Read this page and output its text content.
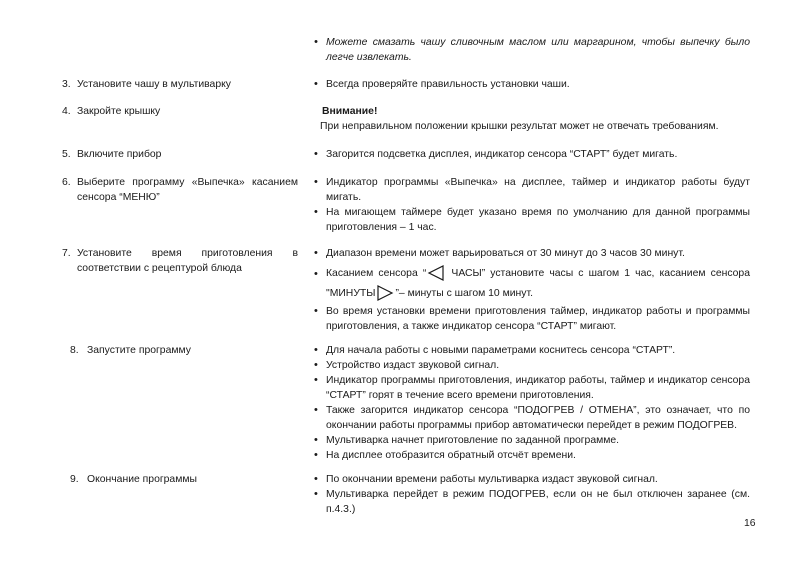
• Можете смазать чашу сливочным маслом или маргарином, чтобы выпечку было легче извлекать.
3. Установите чашу в мультиварку	• Всегда проверяйте правильность установки чаши.
4. Закройте крышку	Внимание!
При неправильном положении крышки результат может не отвечать требованиям.
5. Включите прибор	• Загорится подсветка дисплея, индикатор сенсора “СТАРТ” будет мигать.
6. Выберите программу «Выпечка» касанием сенсора “МЕНЮ”
• Индикатор программы «Выпечка» на дисплее, таймер и индикатор работы будут мигать.
• На мигающем таймере будет указано время по умолчанию для данной программы приготовления – 1 час.
7. Установите время приготовления в соответствии с рецептурой блюда
• Диапазон времени может варьироваться от 30 минут до 3 часов 30 минут.
• Касанием сенсора “ ЧАСЫ” установите часы с шагом 1 час, касанием сенсора "МИНУТЫ ”– минуты с шагом 10 минут.
• Во время установки времени приготовления таймер, индикатор работы и программы приготовления, а также индикатор сенсора “СТАРТ” мигают.
8. Запустите программу	• Для начала работы с новыми параметрами коснитесь сенсора “СТАРТ”.
• Устройство издаст звуковой сигнал.
• Индикатор программы приготовления, индикатор работы, таймер и индикатор сенсора “СТАРТ” горят в течение всего времени приготовления.
• Также загорится индикатор сенсора “ПОДОГРЕВ / ОТМЕНА”, это означает, что по окончании работы программы прибор автоматически перейдет в режим ПОДОГРЕВ.
• Мультиварка начнет приготовление по заданной программе.
• На дисплее отобразится обратный отсчёт времени.
9. Окончание программы	• По окончании времени работы мультиварка издаст звуковой сигнал.
• Мультиварка перейдет в режим ПОДОГРЕВ, если он не был отключен заранее (см. п.4.3.)
16
